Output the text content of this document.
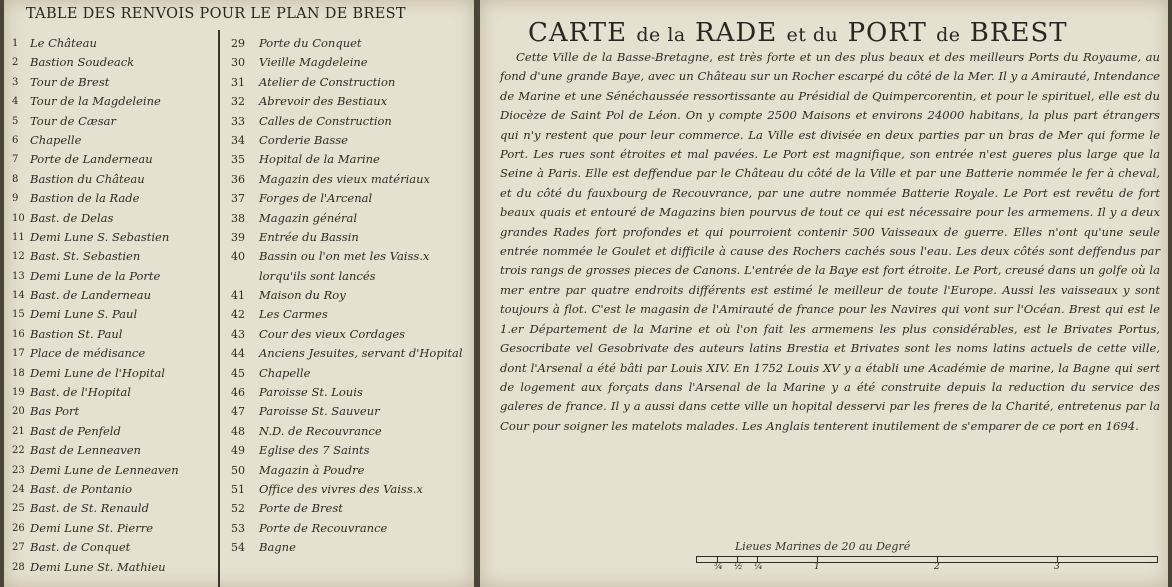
TABLE DES RENVOIS POUR LE PLAN DE BREST
1	Le Château
2	Bastion Soudeack
3	Tour de Brest
4	Tour de la Magdeleine
5	Tour de Cæsar
6	Chapelle
7	Porte de Landerneau
8	Bastion du Château
9	Bastion de la Rade
10 Bast. de Delas
11 Demi Lune S. Sebastien
12 Bast. St. Sebastien
13 Demi Lune de la Porte
14 Bast. de Landerneau
15 Demi Lune S. Paul
16 Bastion St. Paul
17 Place de médisance
18 Demi Lune de l'Hopital
19 Bast. de l'Hopital
20 Bas Port
21 Bast de Penfeld
22 Bast de Lenneaven
23 Demi Lune de Lenneaven
24 Bast. de Pontanio
25 Bast. de St. Renauld
26 Demi Lune St. Pierre
27 Bast. de Conquet
28 Demi Lune St. Mathieu
29	Porte du Conquet
30	Vieille Magdeleine
31	Atelier de Construction
32	Abrevoir des Bestiaux
33	Calles de Construction
34	Corderie Basse
35	Hopital de la Marine
36	Magazin des vieux matériaux
37	Forges de l'Arcenal
38	Magazin général
39	Entrée du Bassin
40	Bassin ou l'on met les Vaiss.x
lorqu'ils sont lancés
41	Maison du Roy
42	Les Carmes
43	Cour des vieux Cordages
44	Anciens Jesuites, servant d'Hopital
45	Chapelle
46	Paroisse St. Louis
47	Paroisse St. Sauveur
48	N.D. de Recouvrance
49	Eglise des 7 Saints
50	Magazin à Poudre
51	Office des vivres des Vaiss.x
52	Porte de Brest
53	Porte de Recouvrance
54	Bagne
CARTE de la RADE et du PORT de BREST

Cette Ville de la Basse-Bretagne, est très forte et un des plus beaux et des meilleurs Ports du Royaume, au fond d'une grande Baye, avec un Château sur un Rocher escarpé du côté de la Mer. Il y a Amirauté, Intendance de Marine et une Sénéchaussée ressortissante au Présidial de Quimpercorentin, et pour le spirituel, elle est du Diocèze de Saint Pol de Léon. On y compte 2500 Maisons et environs 24000 habitans, la plus part étrangers qui n'y restent que pour leur commerce. La Ville est divisée en deux parties par un bras de Mer qui forme le Port. Les rues sont étroites et mal pavées. Le Port est magnifique, son entrée n'est gueres plus large que la Seine à Paris. Elle est deffendue par le Château du côté de la Ville et par une Batterie nommée le fer à cheval, et du côté du fauxbourg de Recouvrance, par une autre nommée Batterie Royale. Le Port est revêtu de fort beaux quais et entouré de Magazins bien pourvus de tout ce qui est nécessaire pour les armemens. Il y a deux grandes Rades fort profondes et qui pourroient contenir 500 Vaisseaux de guerre. Elles n'ont qu'une seule entrée nommée le Goulet et difficile à cause des Rochers cachés sous l'eau. Les deux côtés sont deffendus par trois rangs de grosses pieces de Canons. L'entrée de la Baye est fort étroite. Le Port, creusé dans un golfe où la mer entre par quatre endroits différents est estimé le meilleur de toute l'Europe. Aussi les vaisseaux y sont toujours à flot. C'est le magasin de l'Amirauté de france pour les Navires qui vont sur l'Océan. Brest qui est le 1.er Département de la Marine et où l'on fait les armemens les plus considérables, est le Brivates Portus, Gesocribate vel Gesobrivate des auteurs latins Brestia et Brivates sont les noms latins actuels de cette ville, dont l'Arsenal a été bâti par Louis XIV. En 1752 Louis XV y a établi une Académie de marine, la Bagne qui sert de logement aux forçats dans l'Arsenal de la Marine y a été construite depuis la reduction du service des galeres de france. Il y a aussi dans cette ville un hopital desservi par les freres de la Charité, entretenus par la Cour pour soigner les matelots malades. Les Anglais tenterent inutilement de s'emparer de ce port en 1694.

Lieues Marines de 20 au Degré
¾ ½ ¼	1	2	3
